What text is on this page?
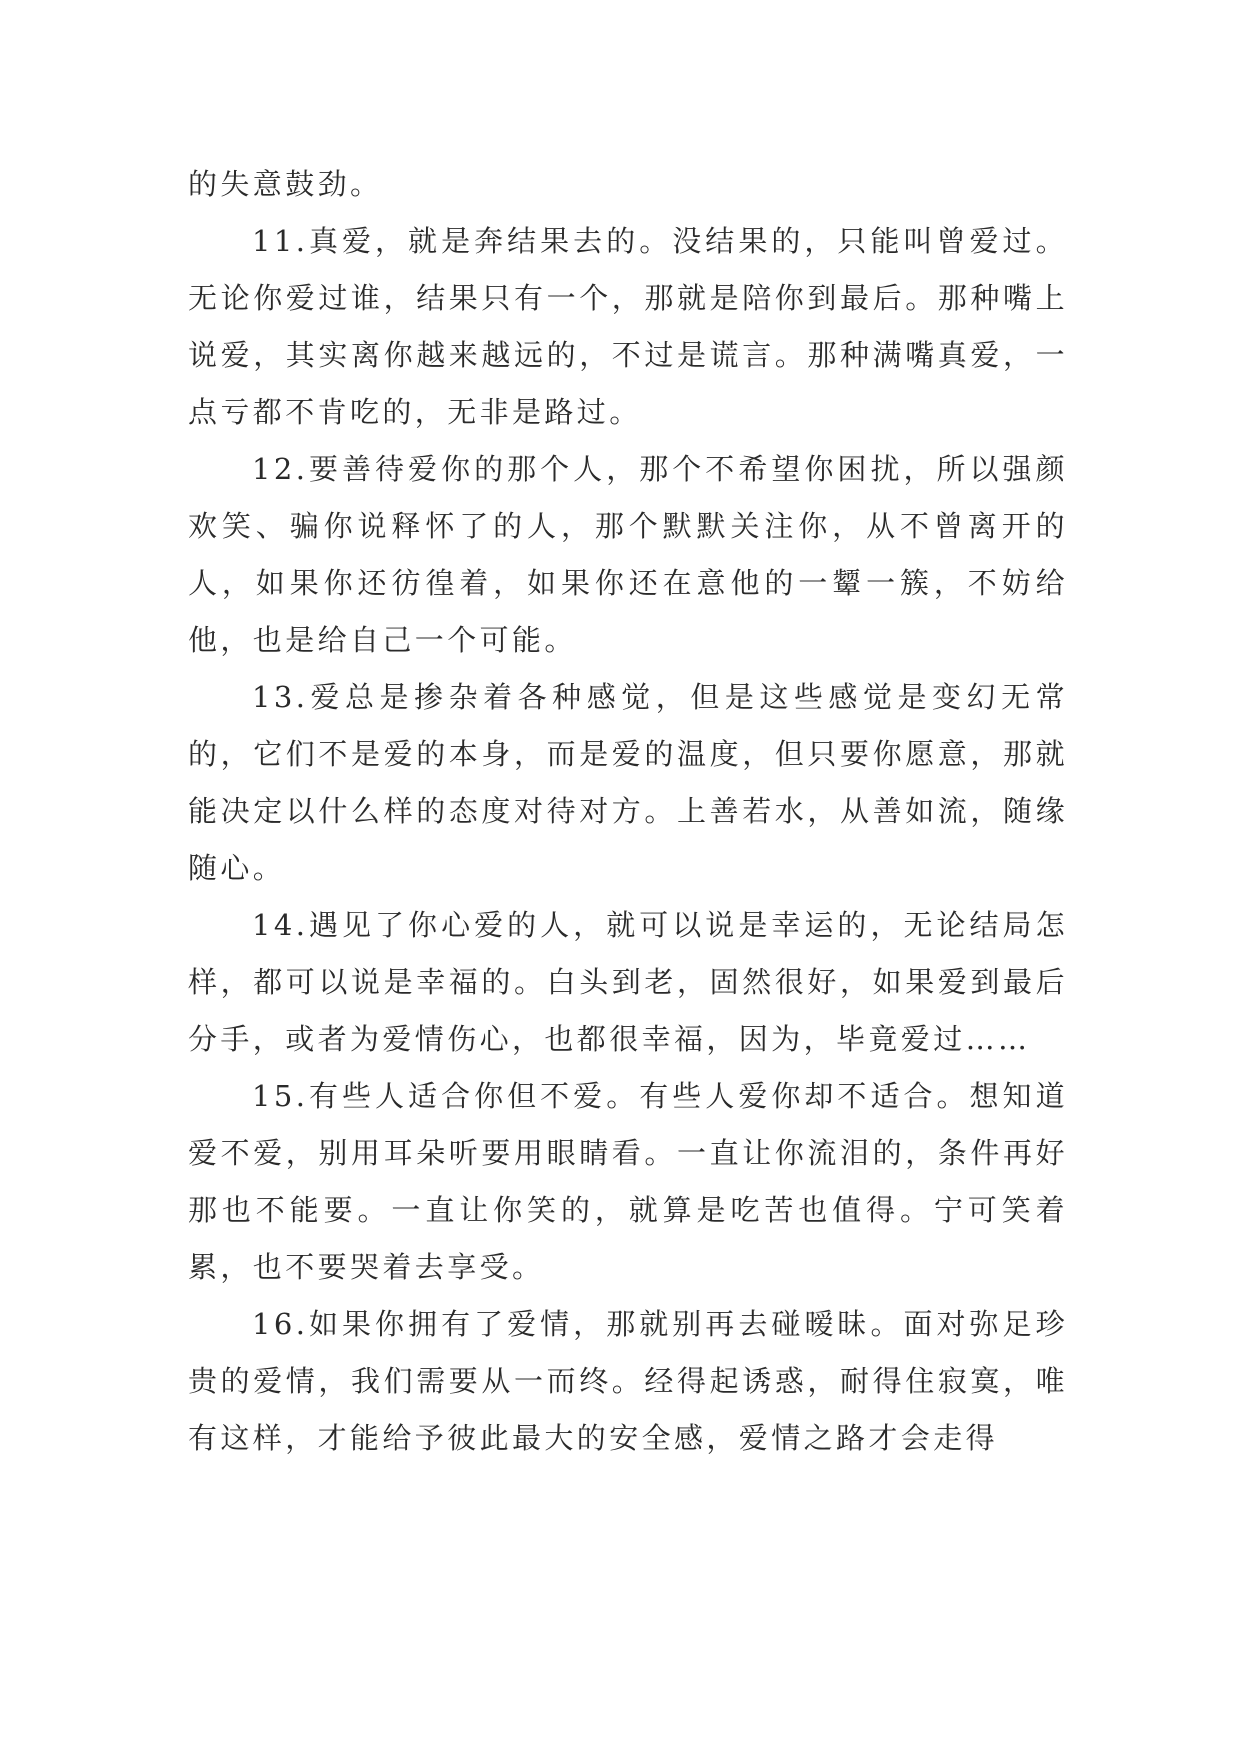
的失意鼓劲。

11.真爱，就是奔结果去的。没结果的，只能叫曾爱过。无论你爱过谁，结果只有一个，那就是陪你到最后。那种嘴上说爱，其实离你越来越远的，不过是谎言。那种满嘴真爱，一点亏都不肯吃的，无非是路过。

12.要善待爱你的那个人，那个不希望你困扰，所以强颜欢笑、骗你说释怀了的人，那个默默关注你，从不曾离开的人，如果你还彷徨着，如果你还在意他的一颦一簇，不妨给他，也是给自己一个可能。

13.爱总是掺杂着各种感觉，但是这些感觉是变幻无常的，它们不是爱的本身，而是爱的温度，但只要你愿意，那就能决定以什么样的态度对待对方。上善若水，从善如流，随缘随心。

14.遇见了你心爱的人，就可以说是幸运的，无论结局怎样，都可以说是幸福的。白头到老，固然很好，如果爱到最后分手，或者为爱情伤心，也都很幸福，因为，毕竟爱过……

15.有些人适合你但不爱。有些人爱你却不适合。想知道爱不爱，别用耳朵听要用眼睛看。一直让你流泪的，条件再好那也不能要。一直让你笑的，就算是吃苦也值得。宁可笑着累，也不要哭着去享受。

16.如果你拥有了爱情，那就别再去碰暧昧。面对弥足珍贵的爱情，我们需要从一而终。经得起诱惑，耐得住寂寞，唯有这样，才能给予彼此最大的安全感，爱情之路才会走得
